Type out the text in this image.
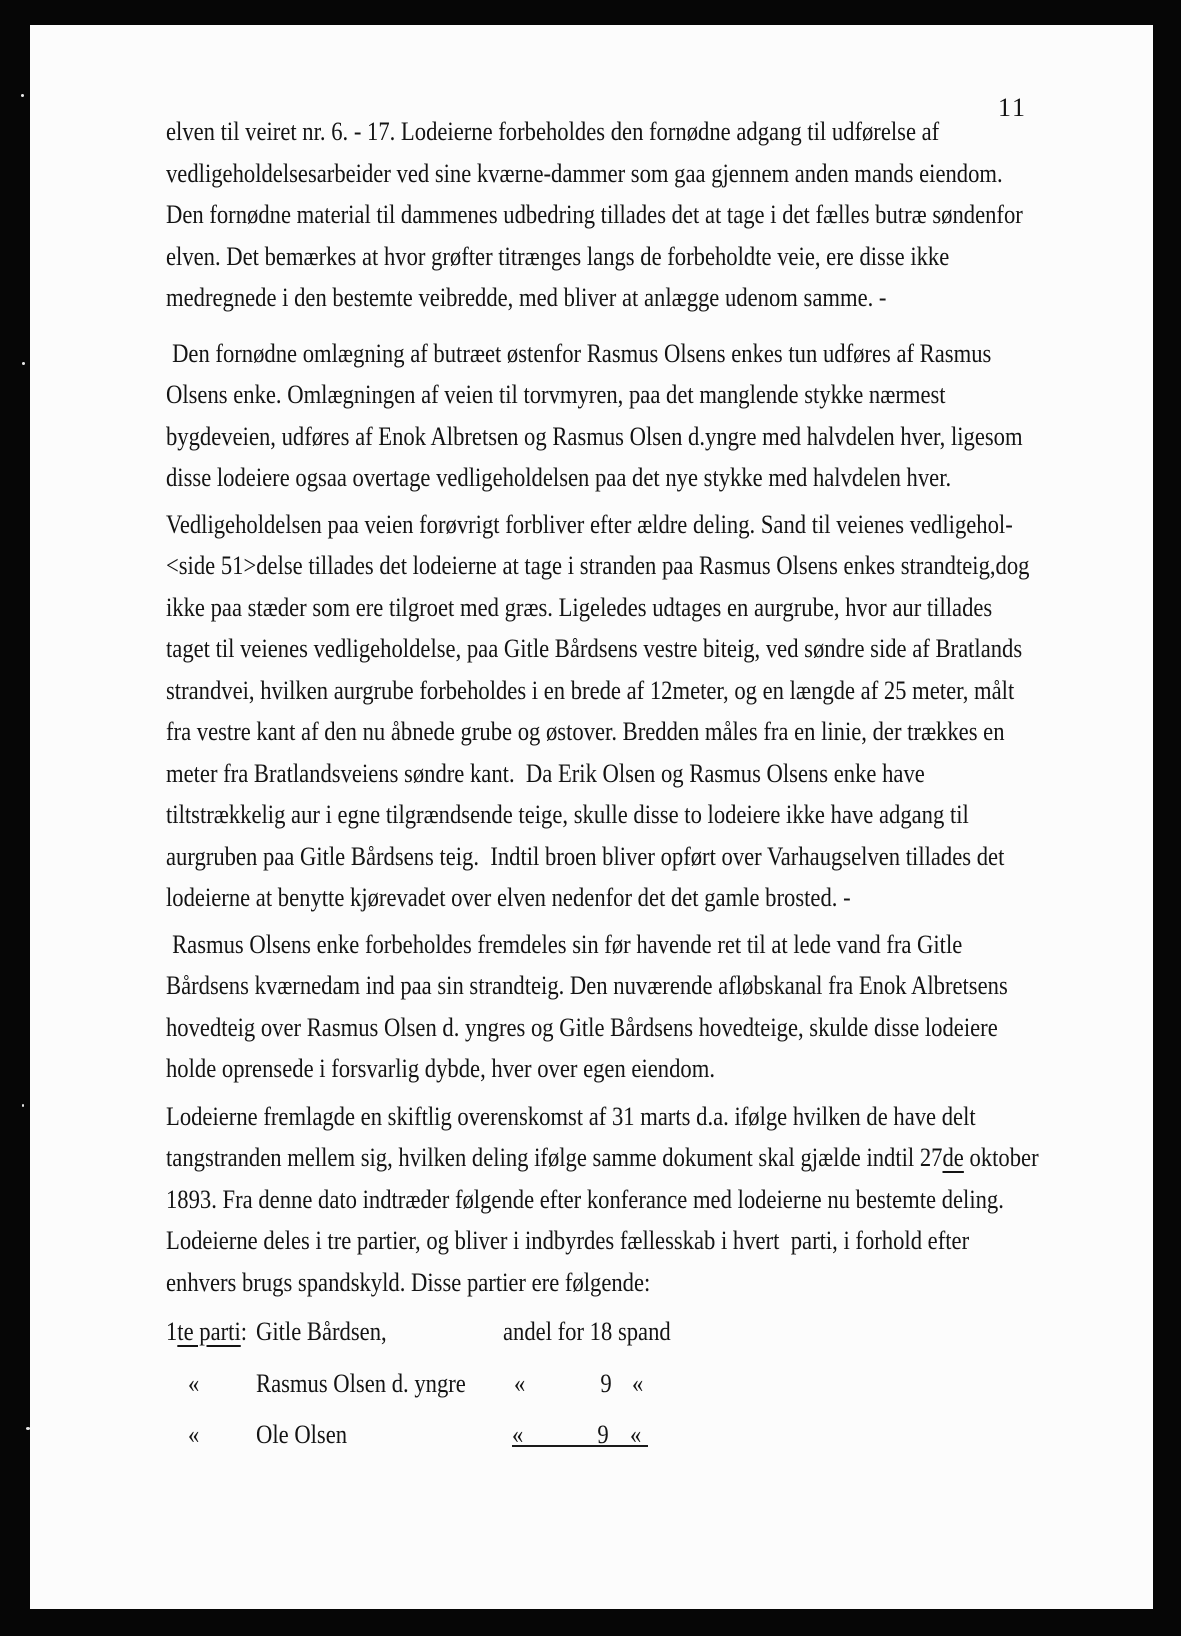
11
elven til veiret nr. 6. - 17. Lodeierne forbeholdes den fornødne adgang til udførelse af
vedligeholdelsesarbeider ved sine kværne-dammer som gaa gjennem anden mands eiendom.
Den fornødne material til dammenes udbedring tillades det at tage i det fælles butræ søndenfor
elven. Det bemærkes at hvor grøfter titrænges langs de forbeholdte veie, ere disse ikke
medregnede i den bestemte veibredde, med bliver at anlægge udenom samme. -
Den fornødne omlægning af butræet østenfor Rasmus Olsens enkes tun udføres af Rasmus
Olsens enke. Omlægningen af veien til torvmyren, paa det manglende stykke nærmest
bygdeveien, udføres af Enok Albretsen og Rasmus Olsen d.yngre med halvdelen hver, ligesom
disse lodeiere ogsaa overtage vedligeholdelsen paa det nye stykke med halvdelen hver.
Vedligeholdelsen paa veien forøvrigt forbliver efter ældre deling. Sand til veienes vedligehol-
<side 51>delse tillades det lodeierne at tage i stranden paa Rasmus Olsens enkes strandteig,dog
ikke paa stæder som ere tilgroet med græs. Ligeledes udtages en aurgrube, hvor aur tillades
taget til veienes vedligeholdelse, paa Gitle Bårdsens vestre biteig, ved søndre side af Bratlands
strandvei, hvilken aurgrube forbeholdes i en brede af 12meter, og en længde af 25 meter, målt
fra vestre kant af den nu åbnede grube og østover. Bredden måles fra en linie, der trækkes en
meter fra Bratlandsveiens søndre kant.  Da Erik Olsen og Rasmus Olsens enke have
tiltstrækkelig aur i egne tilgrændsende teige, skulle disse to lodeiere ikke have adgang til
aurgruben paa Gitle Bårdsens teig.  Indtil broen bliver opført over Varhaugselven tillades det
lodeierne at benytte kjørevadet over elven nedenfor det det gamle brosted. -
Rasmus Olsens enke forbeholdes fremdeles sin før havende ret til at lede vand fra Gitle
Bårdsens kværnedam ind paa sin strandteig. Den nuværende afløbskanal fra Enok Albretsens
hovedteig over Rasmus Olsen d. yngres og Gitle Bårdsens hovedteige, skulde disse lodeiere
holde oprensede i forsvarlig dybde, hver over egen eiendom.
Lodeierne fremlagde en skiftlig overenskomst af 31 marts d.a. ifølge hvilken de have delt
tangstranden mellem sig, hvilken deling ifølge samme dokument skal gjælde indtil 27de oktober
1893. Fra denne dato indtræder følgende efter konferance med lodeierne nu bestemte deling.
Lodeierne deles i tre partier, og bliver i indbyrdes fællesskab i hvert  parti, i forhold efter
enhvers brugs spandskyld. Disse partier ere følgende:
1te parti: Gitle Bårdsen,	andel for 18 spand
« Rasmus Olsen d. yngre «	9 «
« Ole Olsen	«	9 «
